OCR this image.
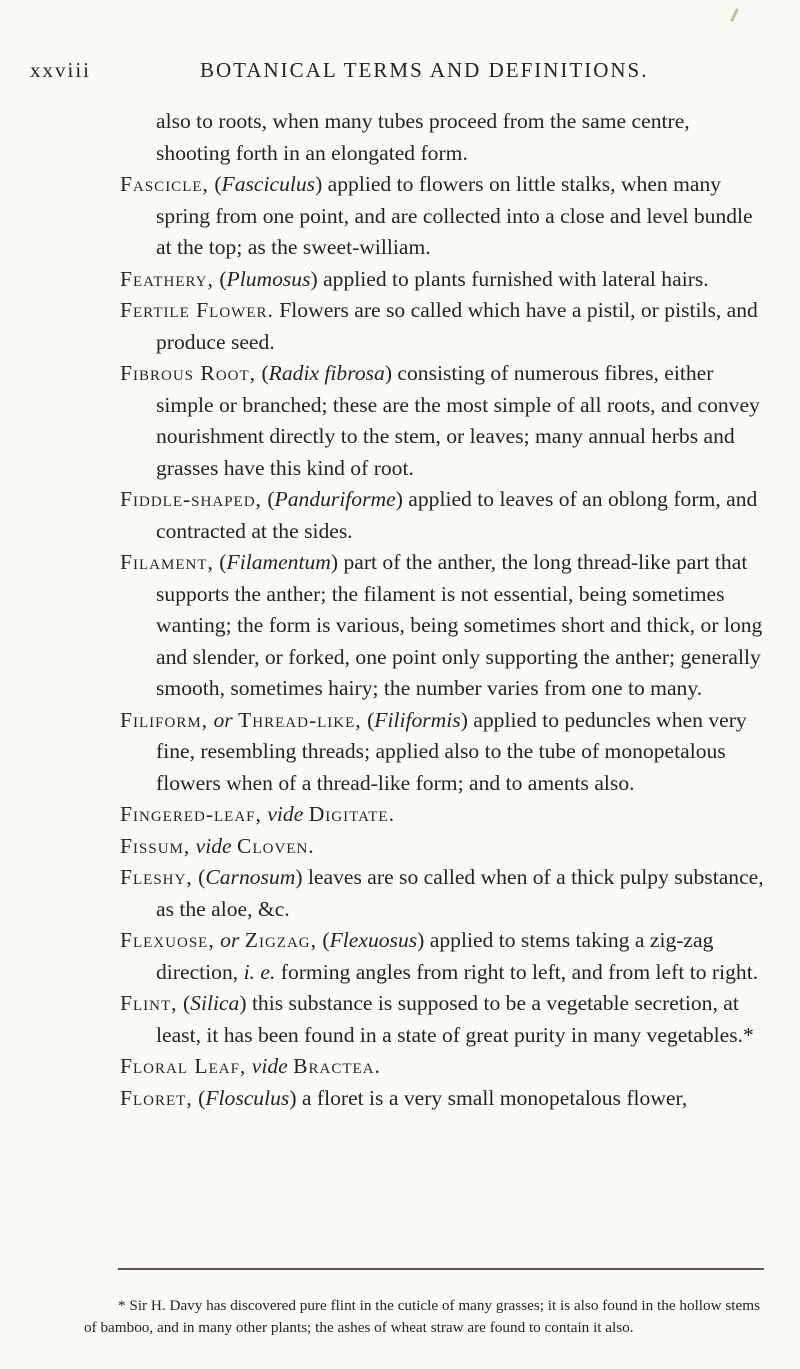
xxviii	BOTANICAL TERMS AND DEFINITIONS.

also to roots, when many tubes proceed from the same centre, shooting forth in an elongated form.

Fascicle, (Fasciculus) applied to flowers on little stalks, when many spring from one point, and are collected into a close and level bundle at the top; as the sweet-william.

Feathery, (Plumosus) applied to plants furnished with lateral hairs.

Fertile Flower. Flowers are so called which have a pistil, or pistils, and produce seed.

Fibrous Root, (Radix fibrosa) consisting of numerous fibres, either simple or branched; these are the most simple of all roots, and convey nourishment directly to the stem, or leaves; many annual herbs and grasses have this kind of root.

Fiddle-shaped, (Panduriforme) applied to leaves of an oblong form, and contracted at the sides.

Filament, (Filamentum) part of the anther, the long thread-like part that supports the anther; the filament is not essential, being sometimes wanting; the form is various, being sometimes short and thick, or long and slender, or forked, one point only supporting the anther; generally smooth, sometimes hairy; the number varies from one to many.

Filiform, or Thread-like, (Filiformis) applied to peduncles when very fine, resembling threads; applied also to the tube of monopetalous flowers when of a thread-like form; and to aments also.

Fingered-leaf, vide Digitate.

Fissum, vide Cloven.

Fleshy, (Carnosum) leaves are so called when of a thick pulpy substance, as the aloe, &c.

Flexuose, or Zigzag, (Flexuosus) applied to stems taking a zig-zag direction, i. e. forming angles from right to left, and from left to right.

Flint, (Silica) this substance is supposed to be a vegetable secretion, at least, it has been found in a state of great purity in many vegetables.*

Floral Leaf, vide Bractea.

Floret, (Flosculus) a floret is a very small monopetalous flower,

* Sir H. Davy has discovered pure flint in the cuticle of many grasses; it is also found in the hollow stems of bamboo, and in many other plants; the ashes of wheat straw are found to contain it also.
